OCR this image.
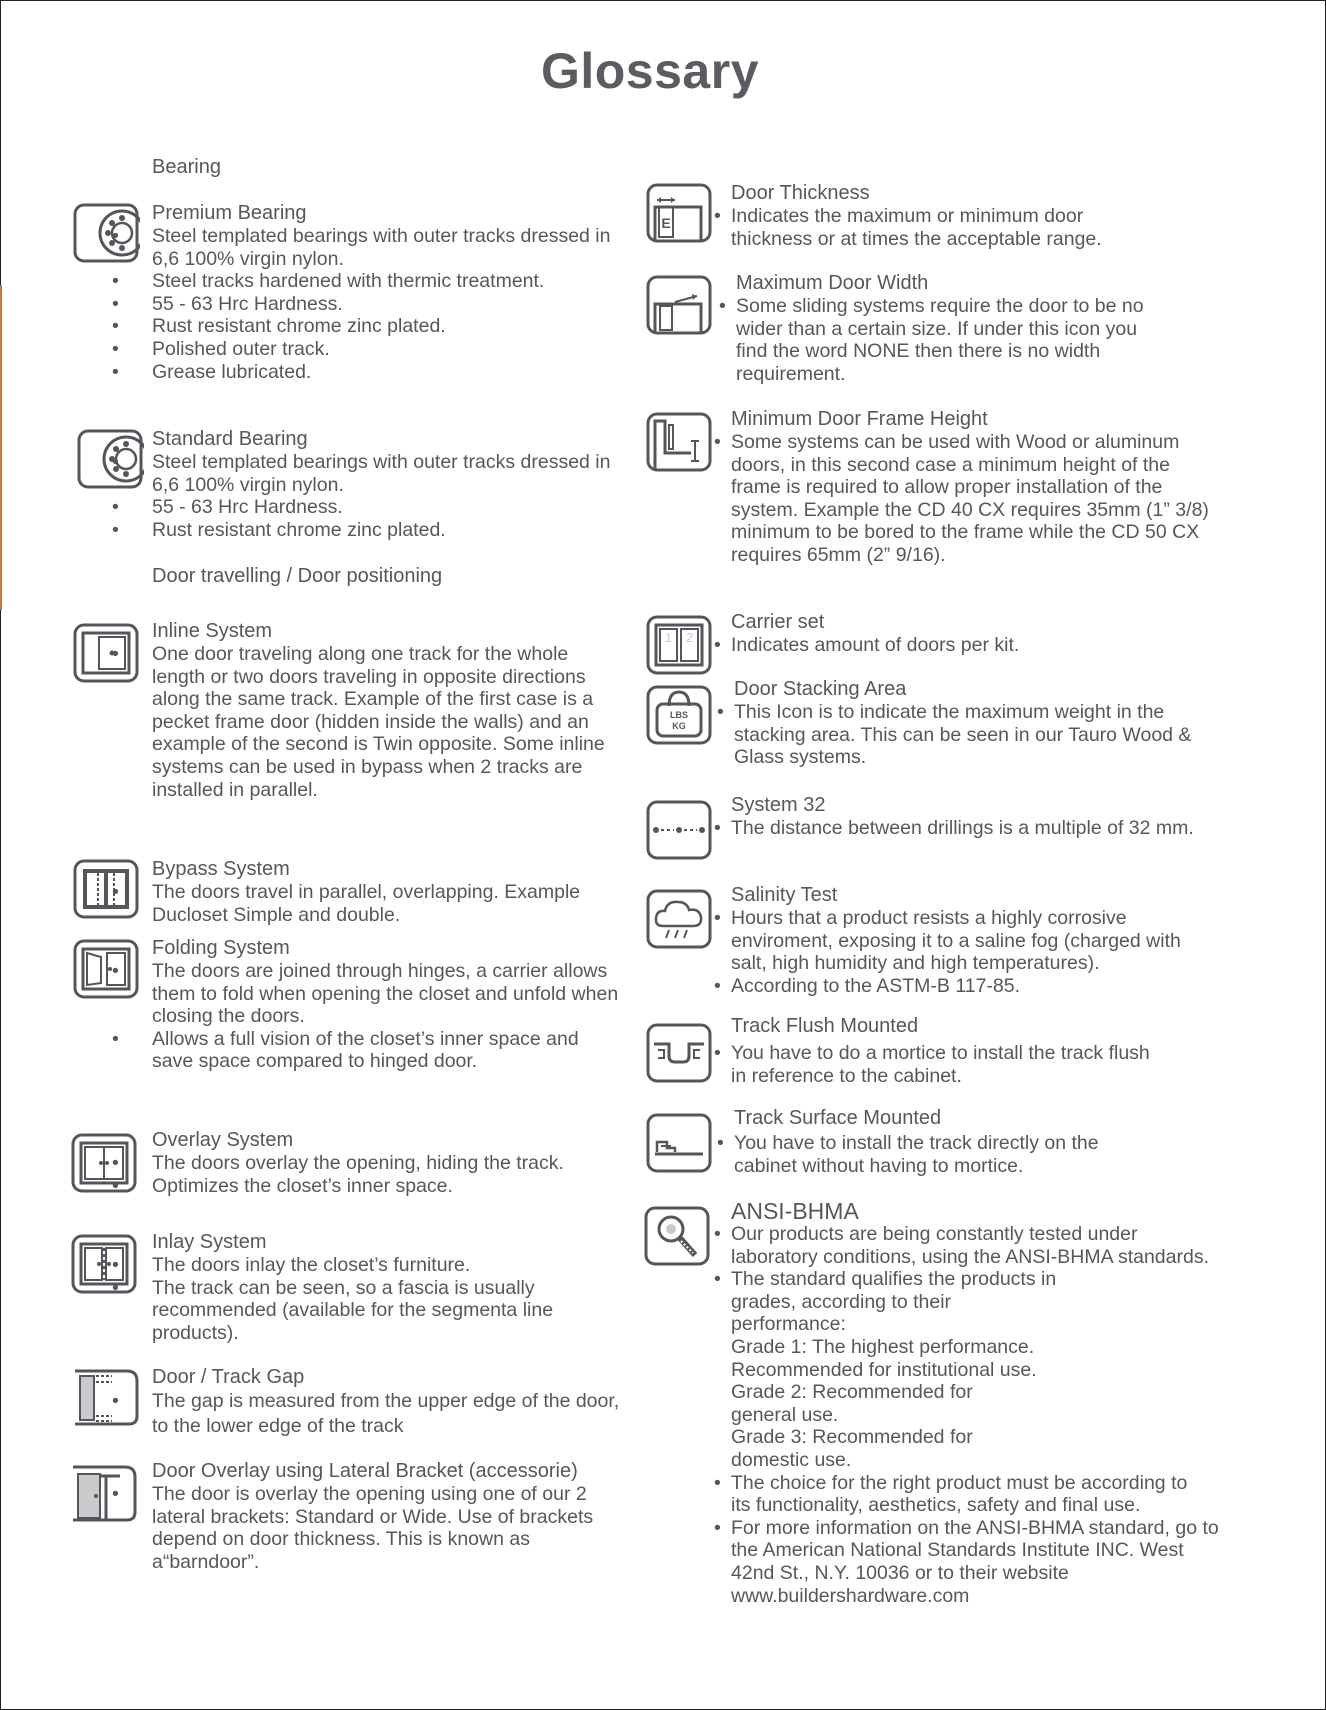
Glossary
Bearing

Premium Bearing

• Steel templated bearings with outer tracks dressed in 6,6 100% virgin nylon.
• Steel tracks hardened with thermic treatment.
• 55 - 63 Hrc Hardness.
• Rust resistant chrome zinc plated.
• Polished outer track.
• Grease lubricated.

Standard Bearing

• Steel templated bearings with outer tracks dressed in 6,6 100% virgin nylon.
• 55 - 63 Hrc Hardness.
• Rust resistant chrome zinc plated.
Door travelling / Door positioning

Inline System

• One door traveling along one track for the whole length or two doors traveling in opposite directions along the same track. Example of the first case is a pecket frame door (hidden inside the walls) and an example of the second is Twin opposite. Some inline systems can be used in bypass when 2 tracks are installed in parallel.

Bypass System

• The doors travel in parallel, overlapping. Example Ducloset Simple and double.

Folding System

• The doors are joined through hinges, a carrier allows them to fold when opening the closet and unfold when closing the doors.
• Allows a full vision of the closet’s inner space and save space compared to hinged door.

Overlay System

• The doors overlay the opening, hiding the track.
• Optimizes the closet’s inner space.

Inlay System

• The doors inlay the closet’s furniture.
• The track can be seen, so a fascia is usually recommended (available for the segmenta line products).

Door / Track Gap

• The gap is measured from the upper edge of the door, to the lower edge of the track

Door Overlay using Lateral Bracket (accessorie)

• The door is overlay the opening using one of our 2 lateral brackets: Standard or Wide. Use of brackets depend on door thickness. This is known as a“barndoor”.
E

Door Thickness

• Indicates the maximum or minimum door thickness or at times the acceptable range.

Maximum Door Width

• Some sliding systems require the door to be no wider than a certain size. If under this icon you find the word NONE then there is no width requirement.

Minimum Door Frame Height

• Some systems can be used with Wood or aluminum doors, in this second case a minimum height of the frame is required to allow proper installation of the system. Example the CD 40 CX requires 35mm (1” 3/8) minimum to be bored to the frame while the CD 50 CX requires 65mm (2” 9/16).
1 2

Carrier set

• Indicates amount of doors per kit.
LBS
KG

Door Stacking Area

• This Icon is to indicate the maximum weight in the stacking area. This can be seen in our Tauro Wood & Glass systems.

System 32

• The distance between drillings is a multiple of 32 mm.

Salinity Test

• Hours that a product resists a highly corrosive enviroment, exposing it to a saline fog (charged with salt, high humidity and high temperatures).
• According to the ASTM-B 117-85.

Track Flush Mounted

• You have to do a mortice to install the track flush in reference to the cabinet.

Track Surface Mounted

• You have to install the track directly on the cabinet without having to mortice.

ANSI-BHMA

• Our products are being constantly tested under laboratory conditions, using the ANSI-BHMA standards.
• The standard qualifies the products in grades, according to their performance:
Grade 1: The highest performance. Recommended for institutional use.
Grade 2: Recommended for general use.
Grade 3: Recommended for domestic use.
• The choice for the right product must be according to its functionality, aesthetics, safety and final use.
• For more information on the ANSI-BHMA standard, go to the American National Standards Institute INC. West 42nd St., N.Y. 10036 or to their website www.buildershardware.com
